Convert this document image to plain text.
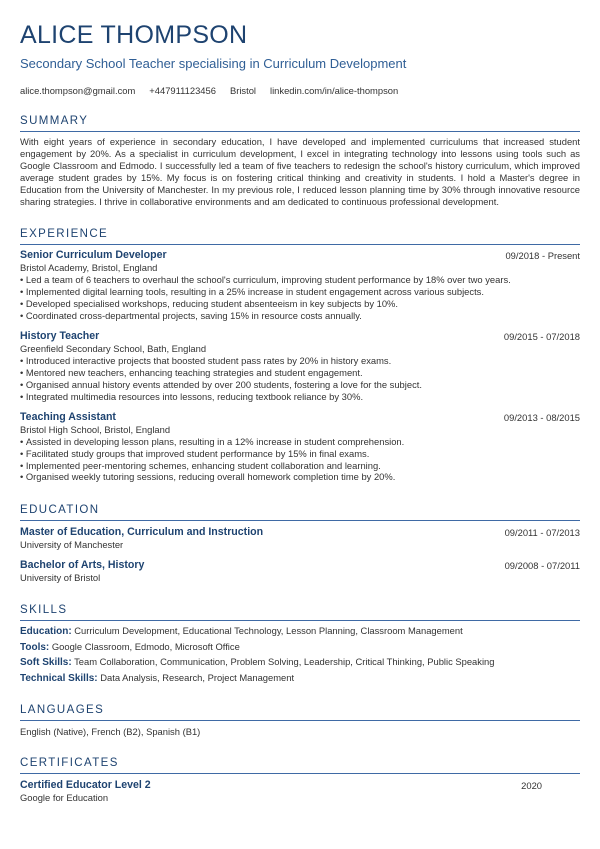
ALICE THOMPSON
Secondary School Teacher specialising in Curriculum Development
alice.thompson@gmail.com +447911123456 Bristol linkedin.com/in/alice-thompson
SUMMARY
With eight years of experience in secondary education, I have developed and implemented curriculums that increased student engagement by 20%. As a specialist in curriculum development, I excel in integrating technology into lessons using tools such as Google Classroom and Edmodo. I successfully led a team of five teachers to redesign the school's history curriculum, which improved average student grades by 15%. My focus is on fostering critical thinking and creativity in students. I hold a Master's degree in Education from the University of Manchester. In my previous role, I reduced lesson planning time by 30% through innovative resource sharing strategies. I thrive in collaborative environments and am dedicated to continuous professional development.
EXPERIENCE
Senior Curriculum Developer	09/2018 - Present
Bristol Academy, Bristol, England
• Led a team of 6 teachers to overhaul the school's curriculum, improving student performance by 18% over two years.
• Implemented digital learning tools, resulting in a 25% increase in student engagement across various subjects.
• Developed specialised workshops, reducing student absenteeism in key subjects by 10%.
• Coordinated cross-departmental projects, saving 15% in resource costs annually.
History Teacher	09/2015 - 07/2018
Greenfield Secondary School, Bath, England
• Introduced interactive projects that boosted student pass rates by 20% in history exams.
• Mentored new teachers, enhancing teaching strategies and student engagement.
• Organised annual history events attended by over 200 students, fostering a love for the subject.
• Integrated multimedia resources into lessons, reducing textbook reliance by 30%.
Teaching Assistant	09/2013 - 08/2015
Bristol High School, Bristol, England
• Assisted in developing lesson plans, resulting in a 12% increase in student comprehension.
• Facilitated study groups that improved student performance by 15% in final exams.
• Implemented peer-mentoring schemes, enhancing student collaboration and learning.
• Organised weekly tutoring sessions, reducing overall homework completion time by 20%.
EDUCATION
Master of Education, Curriculum and Instruction	09/2011 - 07/2013
University of Manchester
Bachelor of Arts, History	09/2008 - 07/2011
University of Bristol
SKILLS
Education: Curriculum Development, Educational Technology, Lesson Planning, Classroom Management
Tools: Google Classroom, Edmodo, Microsoft Office
Soft Skills: Team Collaboration, Communication, Problem Solving, Leadership, Critical Thinking, Public Speaking
Technical Skills: Data Analysis, Research, Project Management
LANGUAGES
English (Native), French (B2), Spanish (B1)
CERTIFICATES
Certified Educator Level 2	2020
Google for Education
